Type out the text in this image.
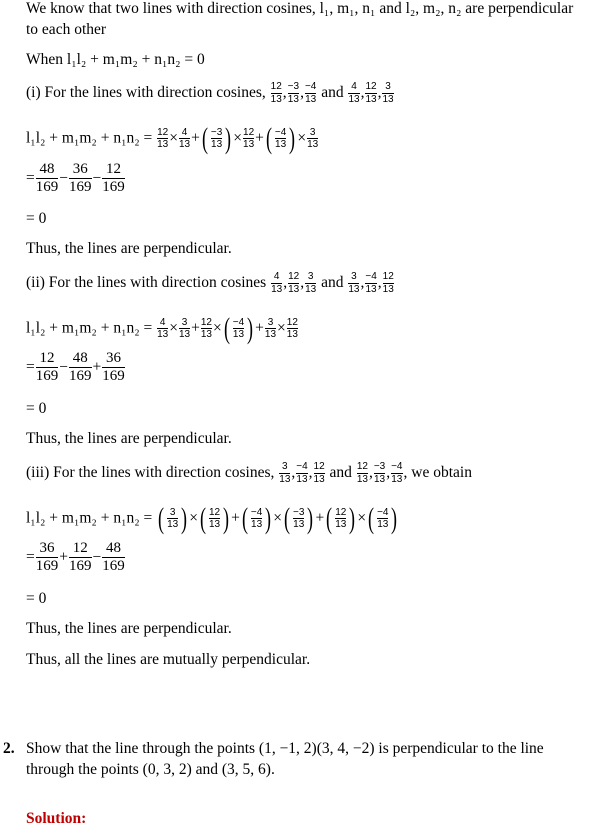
We know that two lines with direction cosines, l₁, m₁, n₁ and l₂, m₂, n₂ are perpendicular
to each other
When l₁l₂ + m₁m₂ + n₁n₂ = 0
(i) For the lines with direction cosines, $\frac{12}{13}$ , $\frac{-3}{13}$ , $\frac{-4}{13}$ and $\frac{4}{13}$ , $\frac{12}{13}$ , $\frac{3}{13}$
$l_1l_2 + m_1m_2 + n_1n_2 = \frac{12}{13} \times \frac{4}{13}$ +( $\frac{-3}{13}$ ) × $\frac{12}{13}$ +( $\frac{-4}{13}$ ) × $\frac{3}{13}$
= $\frac{48}{169} - \frac{36}{169} - \frac{12}{169}$
= 0
Thus, the lines are perpendicular.
(ii) For the lines with direction cosines $\frac{4}{13}$ , $\frac{12}{13}$ , $\frac{3}{13}$ and $\frac{3}{13}$ , $\frac{-4}{13}$ , $\frac{12}{13}$
$l_1l_2 + m_1m_2 + n_1n_2 = \frac{4}{13} \times \frac{3}{13} + \frac{12}{13}$ ×( $\frac{-4}{13}$ ) + $\frac{3}{13} \times \frac{12}{13}$
= $\frac{12}{169} - \frac{48}{169} + \frac{36}{169}$
= 0
Thus, the lines are perpendicular.
(iii) For the lines with direction cosines, $\frac{3}{13}$ , $\frac{-4}{13}$ , $\frac{12}{13}$ and $\frac{12}{13}$ , $\frac{-3}{13}$ , $\frac{-4}{13}$ , we obtain
l₁l₂ + m₁m₂ + n₁n₂ = ( $\frac{3}{13}$ ) ×( $\frac{12}{13}$ ) +( $\frac{-4}{13}$ ) ×( $\frac{-3}{13}$ ) +( $\frac{12}{13}$ ) ×( $\frac{-4}{13}$ )
= $\frac{36}{169} + \frac{12}{169} - \frac{48}{169}$
= 0
Thus, the lines are perpendicular.
Thus, all the lines are mutually perpendicular.
2. Show that the line through the points (1, −1, 2)(3, 4, −2) is perpendicular to the line
through the points (0, 3, 2) and (3, 5, 6).
Solution:
